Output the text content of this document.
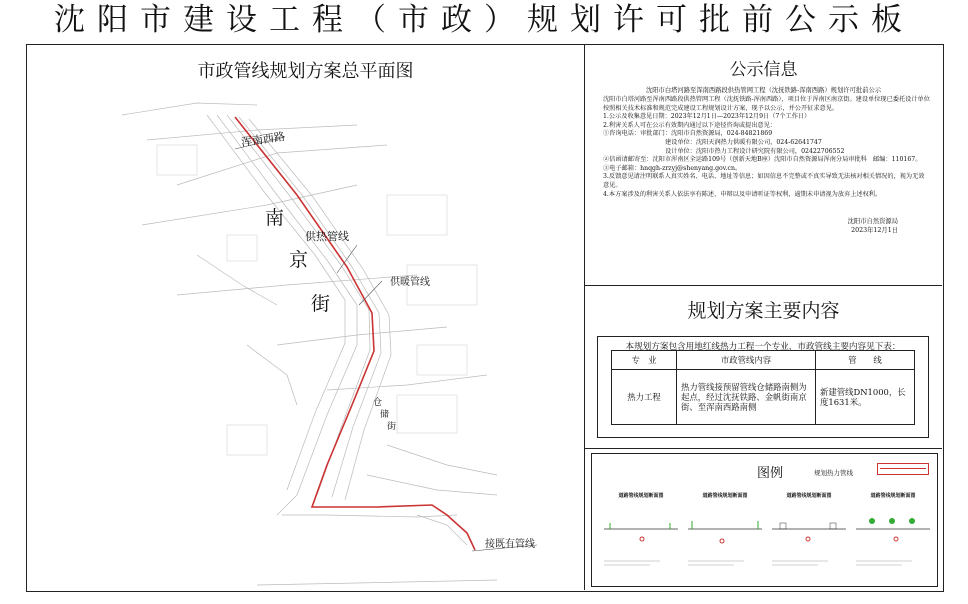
沈阳市建设工程（市政）规划许可批前公示板
市政管线规划方案总平面图
浑南西路
供热管线
供暖管线
南
京
街
仓
储
街
接既有管线
公示信息
沈阳市白塔河路至浑南西路段供热管网工程（沈抚铁路-浑南西路）规划许可批前公示

沈阳市白塔河路至浑南西路段供热管网工程（沈抚铁路-浑南西路），项目位于浑南区南京街。建设单位现已委托设计单位按照相关技术标准和规范完成建设工程规划设计方案，现予以公示，并公开征求意见。

1.公示及收集意见日期：2023年12月1日—2023年12月9日（7个工作日）

2.利害关系人可在公示有效期内通过以下途径咨询或提出意见：

①咨询电话：审批部门：沈阳市自然资源局，024-84821869

建设单位：沈阳天润热力供暖有限公司，024-62641747

设计单位：沈阳市热力工程设计研究院有限公司，02422706552

②信函请邮寄至：沈阳市浑南区全运路109号（创新天地B座）沈阳市自然资源局浑南分局审批科　邮编：110167。

③电子邮箱：hnqgh-zrzyj@shenyang.gov.cn。

3.反馈意见请注明联系人真实姓名、电话、地址等信息；如因信息不完整或不真实导致无法核对相关情况的，视为无效意见。

4.本方案涉及的利害关系人依法享有陈述、申辩以及申请听证等权利，逾期未申请视为放弃上述权利。

沈阳市自然资源局
2023年12月1日
规划方案主要内容
本规划方案包含用地红线热力工程一个专业，市政管线主要内容见下表：
专　业	市政管线内容	管　　线
热力工程	热力管线接预留管线仓储路南侧为起点，经过沈抚铁路、金帆街南京街、至浑南西路南侧	新建管线DN1000，长度1631米。
图例	规划热力管线
道路管线规划断面图	道路管线规划断面图	道路管线规划断面图	道路管线规划断面图
